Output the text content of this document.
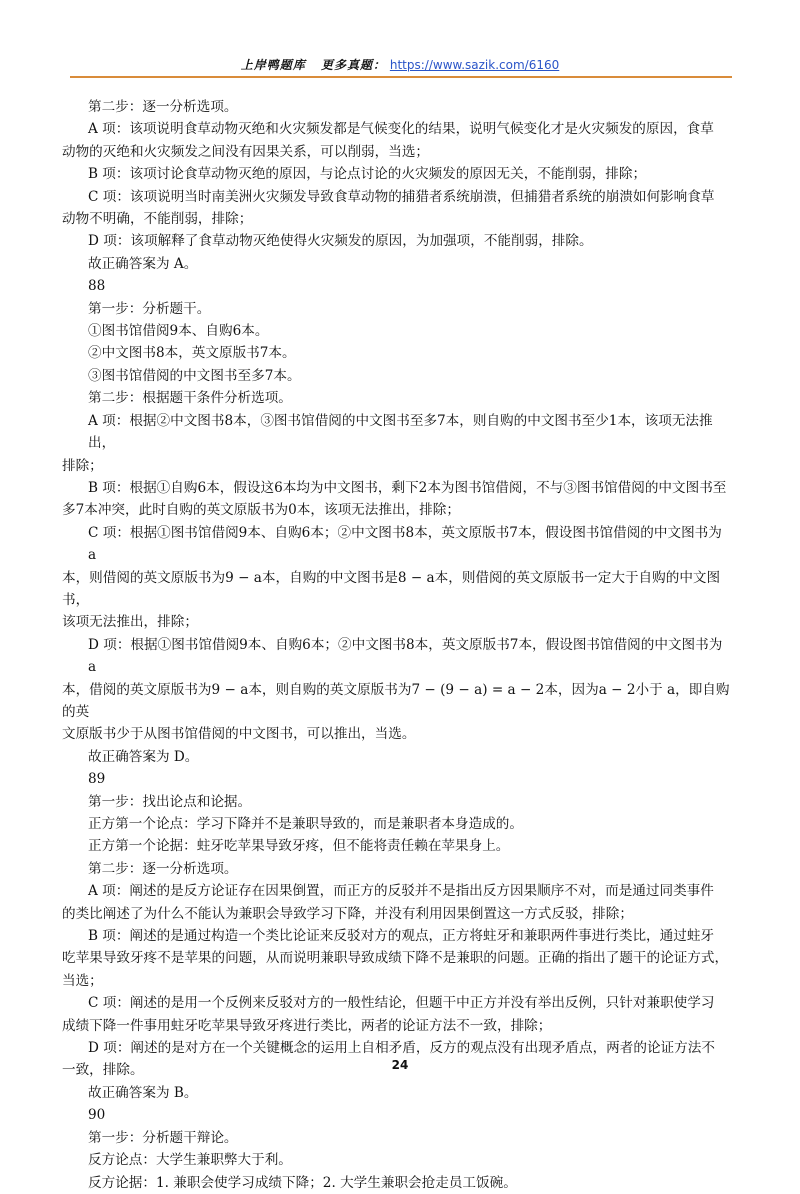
上岸鸭题库 更多真题： https://www.sazik.com/6160

第二步：逐一分析选项。

A 项：该项说明食草动物灭绝和火灾频发都是气候变化的结果，说明气候变化才是火灾频发的原因，食草

动物的灭绝和火灾频发之间没有因果关系，可以削弱，当选；

B 项：该项讨论食草动物灭绝的原因，与论点讨论的火灾频发的原因无关，不能削弱，排除；

C 项：该项说明当时南美洲火灾频发导致食草动物的捕猎者系统崩溃，但捕猎者系统的崩溃如何影响食草

动物不明确，不能削弱，排除；

D 项：该项解释了食草动物灭绝使得火灾频发的原因，为加强项，不能削弱，排除。

故正确答案为 A。

88

第一步：分析题干。

①图书馆借阅9本、自购6本。

②中文图书8本，英文原版书7本。

③图书馆借阅的中文图书至多7本。

第二步：根据题干条件分析选项。

A 项：根据②中文图书8本，③图书馆借阅的中文图书至多7本，则自购的中文图书至少1本，该项无法推出，

排除；

B 项：根据①自购6本，假设这6本均为中文图书，剩下2本为图书馆借阅，不与③图书馆借阅的中文图书至

多7本冲突，此时自购的英文原版书为0本，该项无法推出，排除；

C 项：根据①图书馆借阅9本、自购6本；②中文图书8本，英文原版书7本，假设图书馆借阅的中文图书为 a

本，则借阅的英文原版书为9 − a本，自购的中文图书是8 − a本，则借阅的英文原版书一定大于自购的中文图书，

该项无法推出，排除；

D 项：根据①图书馆借阅9本、自购6本；②中文图书8本，英文原版书7本，假设图书馆借阅的中文图书为 a

本，借阅的英文原版书为9 − a本，则自购的英文原版书为7 − (9 − a) = a − 2本，因为a − 2小于 a，即自购的英

文原版书少于从图书馆借阅的中文图书，可以推出，当选。

故正确答案为 D。

89

第一步：找出论点和论据。

正方第一个论点：学习下降并不是兼职导致的，而是兼职者本身造成的。

正方第一个论据：蛀牙吃苹果导致牙疼，但不能将责任赖在苹果身上。

第二步：逐一分析选项。

A 项：阐述的是反方论证存在因果倒置，而正方的反驳并不是指出反方因果顺序不对，而是通过同类事件

的类比阐述了为什么不能认为兼职会导致学习下降，并没有利用因果倒置这一方式反驳，排除；

B 项：阐述的是通过构造一个类比论证来反驳对方的观点，正方将蛀牙和兼职两件事进行类比，通过蛀牙

吃苹果导致牙疼不是苹果的问题，从而说明兼职导致成绩下降不是兼职的问题。正确的指出了题干的论证方式，

当选；

C 项：阐述的是用一个反例来反驳对方的一般性结论，但题干中正方并没有举出反例，只针对兼职使学习

成绩下降一件事用蛀牙吃苹果导致牙疼进行类比，两者的论证方法不一致，排除；

D 项：阐述的是对方在一个关键概念的运用上自相矛盾，反方的观点没有出现矛盾点，两者的论证方法不

一致，排除。

故正确答案为 B。

90

第一步：分析题干辩论。

反方论点：大学生兼职弊大于利。

反方论据：1. 兼职会使学习成绩下降；2. 大学生兼职会抢走员工饭碗。

24
